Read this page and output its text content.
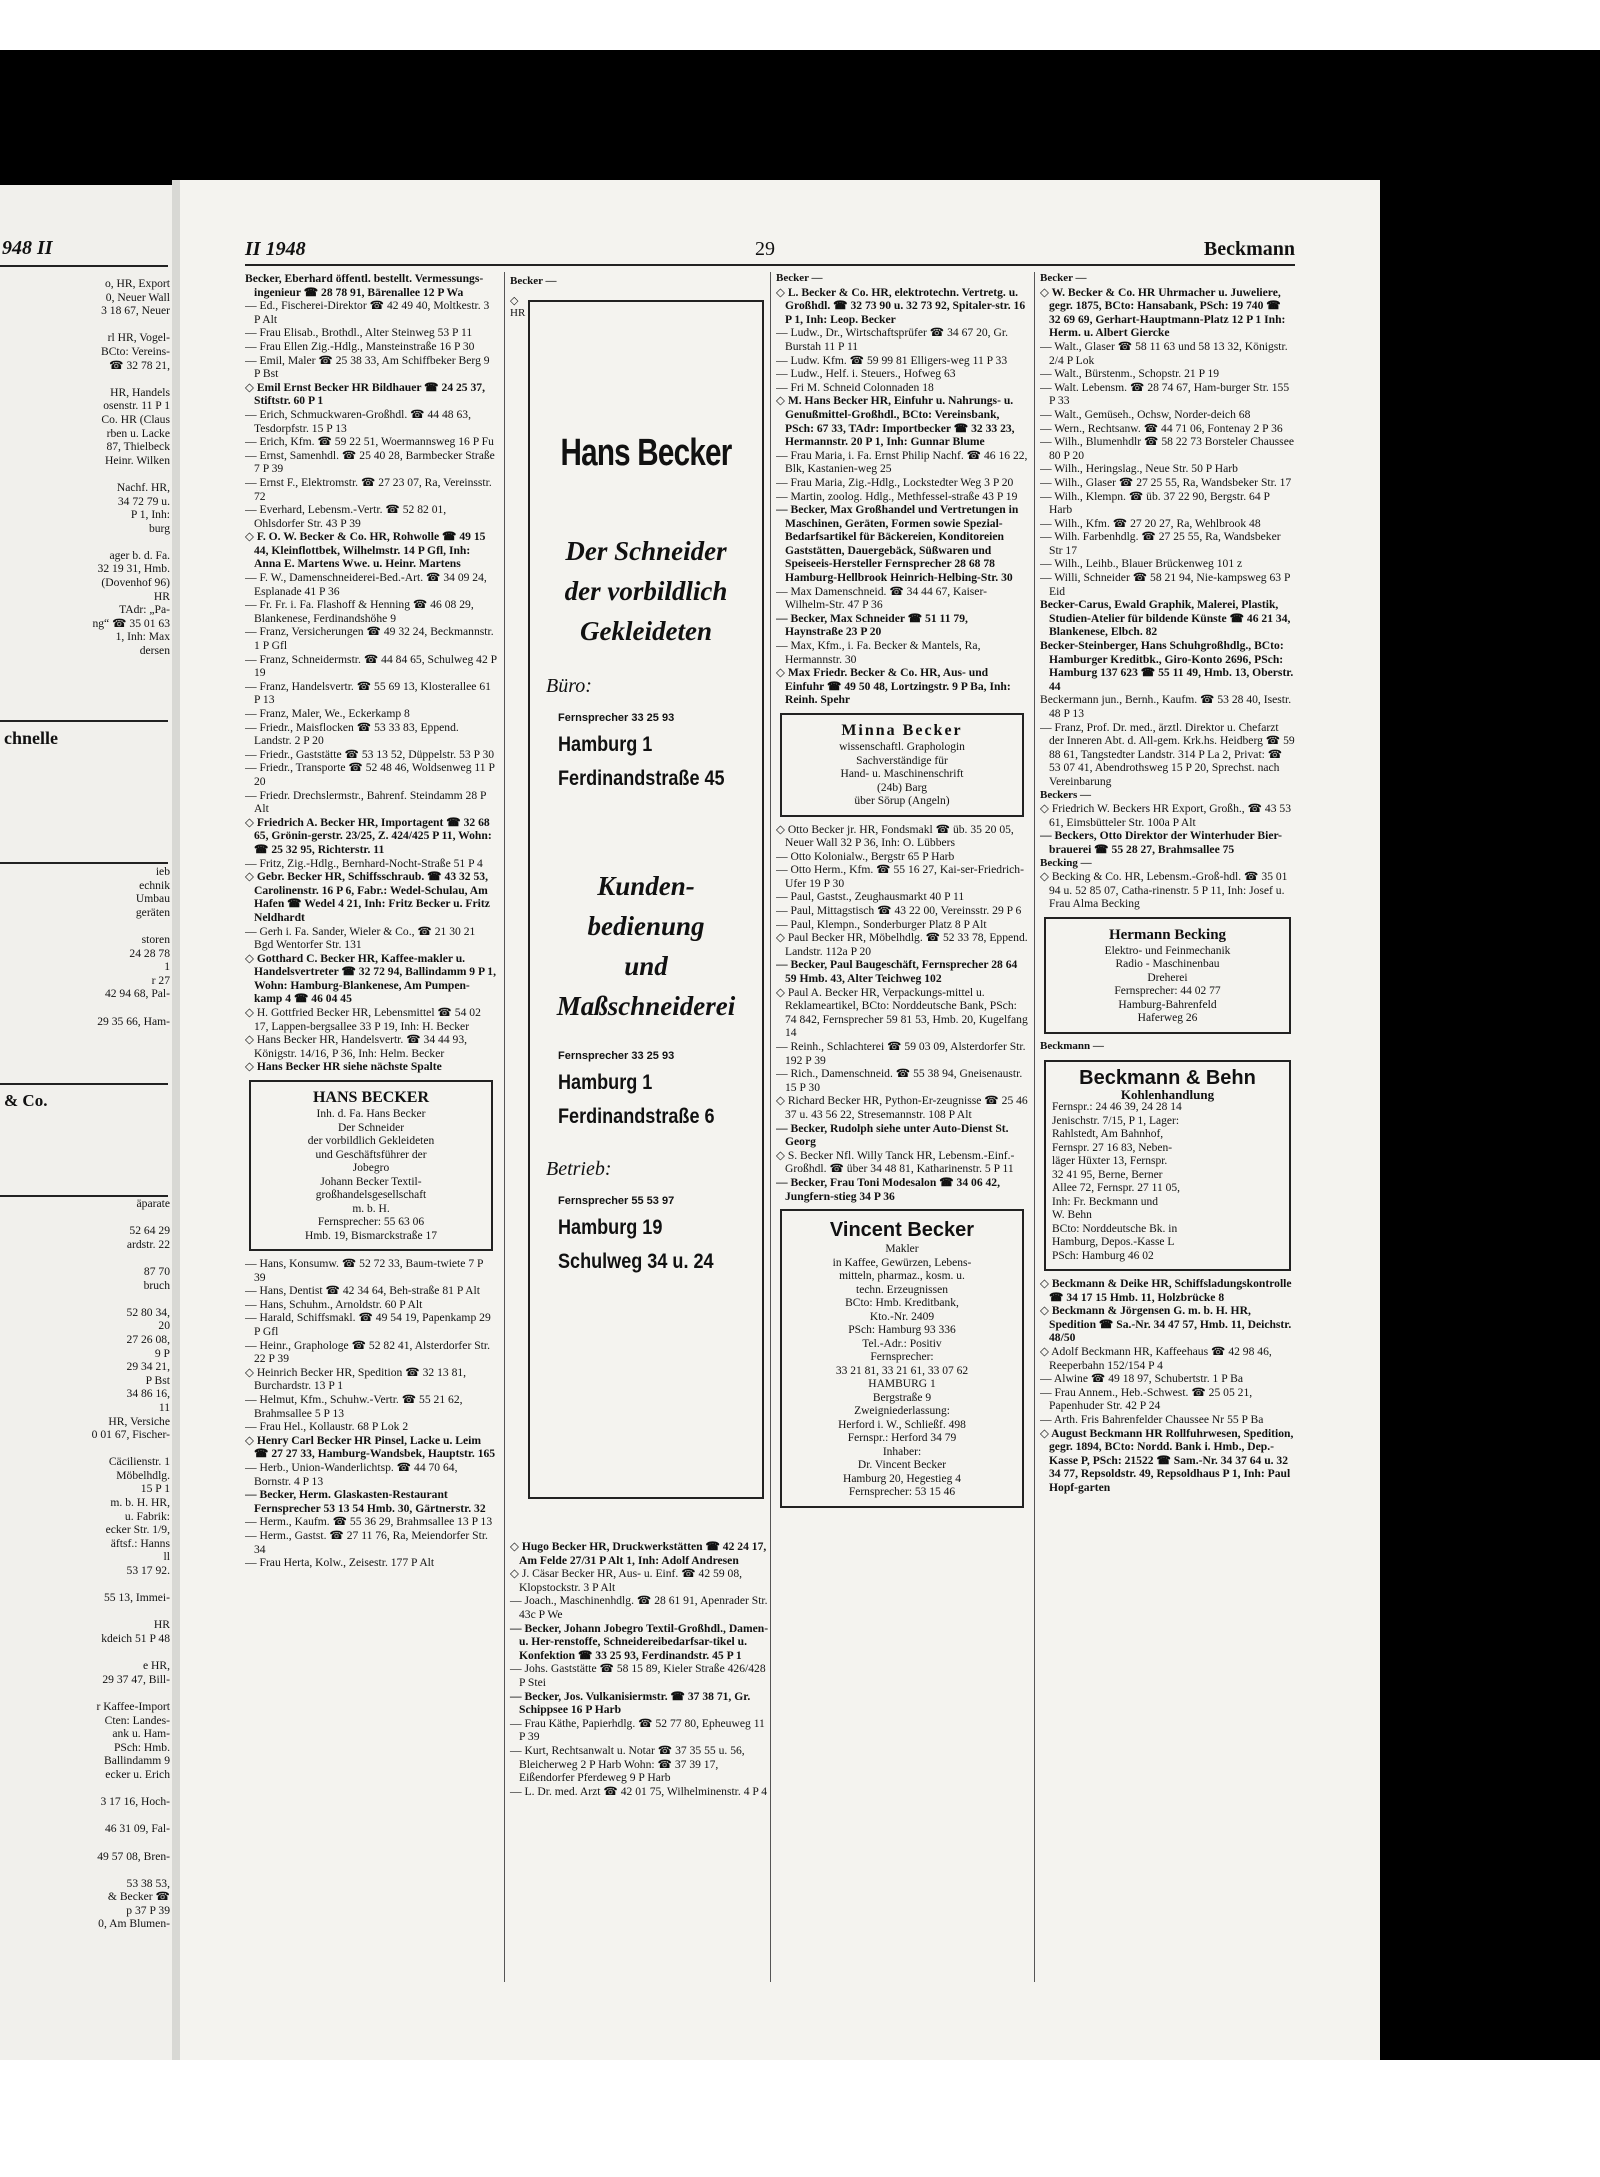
948 II
o, HR, Export
0, Neuer Wall
3 18 67, Neuer

rl HR, Vogel-
BCto: Vereins-
☎ 32 78 21,

HR, Handels
osenstr. 11 P 1
Co. HR (Claus
rben u. Lacke
87, Thielbeck
Heinr. Wilken

Nachf. HR,
34 72 79 u.
P 1, Inh:
burg

ager b. d. Fa.
32 19 31, Hmb.
(Dovenhof 96)
HR
TAdr: „Pa-
ng“ ☎ 35 01 63
1, Inh: Max
dersen
chnelle
ieb
echnik
Umbau
geräten

storen
24 28 78
1
r 27
42 94 68, Pal-

29 35 66, Ham-
& Co.
äparate

52 64 29
ardstr. 22

87 70
bruch

52 80 34,
20
27 26 08,
9 P
29 34 21,
P Bst
34 86 16,
11
HR, Versiche
0 01 67, Fischer-

Cäcilienstr. 1
Möbelhdlg.
15 P 1
m. b. H. HR,
u. Fabrik:
ecker Str. 1/9,
äftsf.: Hanns
ll
53 17 92.

55 13, Immei-

HR
kdeich 51 P 48

e HR,
29 37 47, Bill-

r Kaffee-Import
Cten: Landes-
ank u. Ham-
PSch: Hmb.
Ballindamm 9
ecker u. Erich

3 17 16, Hoch-

46 31 09, Fal-

49 57 08, Bren-

53 38 53,
& Becker ☎
p 37 P 39
0, Am Blumen-
II 1948	29	Beckmann

Becker, Eberhard öffentl. bestellt. Vermessungs-ingenieur ☎ 28 78 91, Bärenallee 12 P Wa

— Ed., Fischerei-Direktor ☎ 42 49 40, Moltkestr. 3 P Alt

— Frau Elisab., Brothdl., Alter Steinweg 53 P 11

— Frau Ellen Zig.-Hdlg., Mansteinstraße 16 P 30

— Emil, Maler ☎ 25 38 33, Am Schiffbeker Berg 9 P Bst

◇ Emil Ernst Becker HR Bildhauer ☎ 24 25 37, Stiftstr. 60 P 1

— Erich, Schmuckwaren-Großhdl. ☎ 44 48 63, Tesdorpfstr. 15 P 13

— Erich, Kfm. ☎ 59 22 51, Woermannsweg 16 P Fu

— Ernst, Samenhdl. ☎ 25 40 28, Barmbecker Straße 7 P 39

— Ernst F., Elektromstr. ☎ 27 23 07, Ra, Vereinsstr. 72

— Everhard, Lebensm.-Vertr. ☎ 52 82 01, Ohlsdorfer Str. 43 P 39

◇ F. O. W. Becker & Co. HR, Rohwolle ☎ 49 15 44, Kleinflottbek, Wilhelmstr. 14 P Gfl, Inh: Anna E. Martens Wwe. u. Heinr. Martens

— F. W., Damenschneiderei-Bed.-Art. ☎ 34 09 24, Esplanade 41 P 36

— Fr. Fr. i. Fa. Flashoff & Henning ☎ 46 08 29, Blankenese, Ferdinandshöhe 9

— Franz, Versicherungen ☎ 49 32 24, Beckmannstr. 1 P Gfl

— Franz, Schneidermstr. ☎ 44 84 65, Schulweg 42 P 19

— Franz, Handelsvertr. ☎ 55 69 13, Klosterallee 61 P 13

— Franz, Maler, We., Eckerkamp 8

— Friedr., Maisflocken ☎ 53 33 83, Eppend. Landstr. 2 P 20

— Friedr., Gaststätte ☎ 53 13 52, Düppelstr. 53 P 30

— Friedr., Transporte ☎ 52 48 46, Woldsenweg 11 P 20

— Friedr. Drechslermstr., Bahrenf. Steindamm 28 P Alt

◇ Friedrich A. Becker HR, Importagent ☎ 32 68 65, Grönin-gerstr. 23/25, Z. 424/425 P 11, Wohn: ☎ 25 32 95, Richterstr. 11

— Fritz, Zig.-Hdlg., Bernhard-Nocht-Straße 51 P 4

◇ Gebr. Becker HR, Schiffsschraub. ☎ 43 32 53, Carolinenstr. 16 P 6, Fabr.: Wedel-Schulau, Am Hafen ☎ Wedel 4 21, Inh: Fritz Becker u. Fritz Neldhardt

— Gerh i. Fa. Sander, Wieler & Co., ☎ 21 30 21 Bgd Wentorfer Str. 131

◇ Gotthard C. Becker HR, Kaffee-makler u. Handelsvertreter ☎ 32 72 94, Ballindamm 9 P 1, Wohn: Hamburg-Blankenese, Am Pumpen-kamp 4 ☎ 46 04 45

◇ H. Gottfried Becker HR, Lebensmittel ☎ 54 02 17, Lappen-bergsallee 33 P 19, Inh: H. Becker

◇ Hans Becker HR, Handelsvertr. ☎ 34 44 93, Königstr. 14/16, P 36, Inh: Helm. Becker

◇ Hans Becker HR siehe nächste Spalte

HANS BECKER
Inh. d. Fa. Hans Becker
Der Schneider
der vorbildlich Gekleideten
und Geschäftsführer der
Jobegro
Johann Becker Textil-
großhandelsgesellschaft
m. b. H.
Fernsprecher: 55 63 06
Hmb. 19, Bismarckstraße 17

— Hans, Konsumw. ☎ 52 72 33, Baum-twiete 7 P 39

— Hans, Dentist ☎ 42 34 64, Beh-straße 81 P Alt

— Hans, Schuhm., Arnoldstr. 60 P Alt

— Harald, Schiffsmakl. ☎ 49 54 19, Papenkamp 29 P Gfl

— Heinr., Graphologe ☎ 52 82 41, Alsterdorfer Str. 22 P 39

◇ Heinrich Becker HR, Spedition ☎ 32 13 81, Burchardstr. 13 P 1

— Helmut, Kfm., Schuhw.-Vertr. ☎ 55 21 62, Brahmsallee 5 P 13

— Frau Hel., Kollaustr. 68 P Lok 2

◇ Henry Carl Becker HR Pinsel, Lacke u. Leim ☎ 27 27 33, Hamburg-Wandsbek, Hauptstr. 165

— Herb., Union-Wanderlichtsp. ☎ 44 70 64, Bornstr. 4 P 13

— Becker, Herm. Glaskasten-Restaurant Fernsprecher 53 13 54 Hmb. 30, Gärtnerstr. 32

— Herm., Kaufm. ☎ 55 36 29, Brahmsallee 13 P 13

— Herm., Gastst. ☎ 27 11 76, Ra, Meiendorfer Str. 34

— Frau Herta, Kolw., Zeisestr. 177 P Alt

Becker —
◇
HR
Hans Becker
Der Schneider
der vorbildlich
Gekleideten
Büro:
Fernsprecher 33 25 93
Hamburg 1
Ferdinandstraße 45
Kunden-
bedienung
und
Maßschneiderei
Fernsprecher 33 25 93
Hamburg 1
Ferdinandstraße 6
Betrieb:
Fernsprecher 55 53 97
Hamburg 19
Schulweg 34 u. 24

◇ Hugo Becker HR, Druckwerkstätten ☎ 42 24 17, Am Felde 27/31 P Alt 1, Inh: Adolf Andresen

◇ J. Cäsar Becker HR, Aus- u. Einf. ☎ 42 59 08, Klopstockstr. 3 P Alt

— Joach., Maschinenhdlg. ☎ 28 61 91, Apenrader Str. 43c P We

— Becker, Johann Jobegro Textil-Großhdl., Damen- u. Her-renstoffe, Schneidereibedarfsar-tikel u. Konfektion ☎ 33 25 93, Ferdinandstr. 45 P 1

— Johs. Gaststätte ☎ 58 15 89, Kieler Straße 426/428 P Stei

— Becker, Jos. Vulkanisiermstr. ☎ 37 38 71, Gr. Schippsee 16 P Harb

— Frau Käthe, Papierhdlg. ☎ 52 77 80, Epheuweg 11 P 39

— Kurt, Rechtsanwalt u. Notar ☎ 37 35 55 u. 56, Bleicherweg 2 P Harb Wohn: ☎ 37 39 17, Eißendorfer Pferdeweg 9 P Harb

— L. Dr. med. Arzt ☎ 42 01 75, Wilhelminenstr. 4 P 4

Becker —

◇ L. Becker & Co. HR, elektrotechn. Vertretg. u. Großhdl. ☎ 32 73 90 u. 32 73 92, Spitaler-str. 16 P 1, Inh: Leop. Becker

— Ludw., Dr., Wirtschaftsprüfer ☎ 34 67 20, Gr. Burstah 11 P 11

— Ludw. Kfm. ☎ 59 99 81 Elligers-weg 11 P 33

— Ludw., Helf. i. Steuers., Hofweg 63

— Fri M. Schneid Colonnaden 18

◇ M. Hans Becker HR, Einfuhr u. Nahrungs- u. Genußmittel-Großhdl., BCto: Vereinsbank, PSch: 67 33, TAdr: Importbecker ☎ 32 33 23, Hermannstr. 20 P 1, Inh: Gunnar Blume

— Frau Maria, i. Fa. Ernst Philip Nachf. ☎ 46 16 22, Blk, Kastanien-weg 25

— Frau Maria, Zig.-Hdlg., Lockstedter Weg 3 P 20

— Martin, zoolog. Hdlg., Methfessel-straße 43 P 19

— Becker, Max Großhandel und Vertretungen in Maschinen, Geräten, Formen sowie Spezial-Bedarfsartikel für Bäckereien, Konditoreien Gaststätten, Dauergebäck, Süßwaren und Speiseeis-Hersteller Fernsprecher 28 68 78 Hamburg-Hellbrook Heinrich-Helbing-Str. 30

— Max Damenschneid. ☎ 34 44 67, Kaiser-Wilhelm-Str. 47 P 36

— Becker, Max Schneider ☎ 51 11 79, Haynstraße 23 P 20

— Max, Kfm., i. Fa. Becker & Mantels, Ra, Hermannstr. 30

◇ Max Friedr. Becker & Co. HR, Aus- und Einfuhr ☎ 49 50 48, Lortzingstr. 9 P Ba, Inh: Reinh. Spehr

Minna Becker
wissenschaftl. Graphologin
Sachverständige für
Hand- u. Maschinenschrift
(24b) Barg
über Sörup (Angeln)

◇ Otto Becker jr. HR, Fondsmakl ☎ üb. 35 20 05, Neuer Wall 32 P 36, Inh: O. Lübbers

— Otto Kolonialw., Bergstr 65 P Harb

— Otto Herm., Kfm. ☎ 55 16 27, Kai-ser-Friedrich-Ufer 19 P 30

— Paul, Gastst., Zeughausmarkt 40 P 11

— Paul, Mittagstisch ☎ 43 22 00, Vereinsstr. 29 P 6

— Paul, Klempn., Sonderburger Platz 8 P Alt

◇ Paul Becker HR, Möbelhdlg. ☎ 52 33 78, Eppend. Landstr. 112a P 20

— Becker, Paul Baugeschäft, Fernsprecher 28 64 59 Hmb. 43, Alter Teichweg 102

◇ Paul A. Becker HR, Verpackungs-mittel u. Reklameartikel, BCto: Norddeutsche Bank, PSch: 74 842, Fernsprecher 59 81 53, Hmb. 20, Kugelfang 14

— Reinh., Schlachterei ☎ 59 03 09, Alsterdorfer Str. 192 P 39

— Rich., Damenschneid. ☎ 55 38 94, Gneisenaustr. 15 P 30

◇ Richard Becker HR, Python-Er-zeugnisse ☎ 25 46 37 u. 43 56 22, Stresemannstr. 108 P Alt

— Becker, Rudolph siehe unter Auto-Dienst St. Georg

◇ S. Becker Nfl. Willy Tanck HR, Lebensm.-Einf.-Großhdl. ☎ über 34 48 81, Katharinenstr. 5 P 11

— Becker, Frau Toni Modesalon ☎ 34 06 42, Jungfern-stieg 34 P 36

Vincent Becker
Makler
in Kaffee, Gewürzen, Lebens-
mitteln, pharmaz., kosm. u.
techn. Erzeugnissen
BCto: Hmb. Kreditbank,
Kto.-Nr. 2409
PSch: Hamburg 93 336
Tel.-Adr.: Positiv
Fernsprecher:
33 21 81, 33 21 61, 33 07 62
HAMBURG 1
Bergstraße 9
Zweigniederlassung:
Herford i. W., Schließf. 498
Fernspr.: Herford 34 79
Inhaber:
Dr. Vincent Becker
Hamburg 20, Hegestieg 4
Fernsprecher: 53 15 46

Becker —

◇ W. Becker & Co. HR Uhrmacher u. Juweliere, gegr. 1875, BCto: Hansabank, PSch: 19 740 ☎ 32 69 69, Gerhart-Hauptmann-Platz 12 P 1 Inh: Herm. u. Albert Giercke

— Walt., Glaser ☎ 58 11 63 und 58 13 32, Königstr. 2/4 P Lok

— Walt., Bürstenm., Schopstr. 21 P 19

— Walt. Lebensm. ☎ 28 74 67, Ham-burger Str. 155 P 33

— Walt., Gemüseh., Ochsw, Norder-deich 68

— Wern., Rechtsanw. ☎ 44 71 06, Fontenay 2 P 36

— Wilh., Blumenhdlr ☎ 58 22 73 Borsteler Chaussee 80 P 20

— Wilh., Heringslag., Neue Str. 50 P Harb

— Wilh., Glaser ☎ 27 25 55, Ra, Wandsbeker Str. 17

— Wilh., Klempn. ☎ üb. 37 22 90, Bergstr. 64 P Harb

— Wilh., Kfm. ☎ 27 20 27, Ra, Wehlbrook 48

— Wilh. Farbenhdlg. ☎ 27 25 55, Ra, Wandsbeker Str 17

— Wilh., Leihb., Blauer Brückenweg 101 z

— Willi, Schneider ☎ 58 21 94, Nie-kampsweg 63 P Eid

Becker-Carus, Ewald Graphik, Malerei, Plastik, Studien-Atelier für bildende Künste ☎ 46 21 34, Blankenese, Elbch. 82

Becker-Steinberger, Hans Schuhgroßhdlg., BCto: Hamburger Kreditbk., Giro-Konto 2696, PSch: Hamburg 137 623 ☎ 55 11 49, Hmb. 13, Oberstr. 44

Beckermann jun., Bernh., Kaufm. ☎ 53 28 40, Isestr. 48 P 13

— Franz, Prof. Dr. med., ärztl. Direktor u. Chefarzt der Inneren Abt. d. All-gem. Krk.hs. Heidberg ☎ 59 88 61, Tangstedter Landstr. 314 P La 2, Privat: ☎ 53 07 41, Abendrothsweg 15 P 20, Sprechst. nach Vereinbarung

Beckers —

◇ Friedrich W. Beckers HR Export, Großh., ☎ 43 53 61, Eimsbütteler Str. 100a P Alt

— Beckers, Otto Direktor der Winterhuder Bier-brauerei ☎ 55 28 27, Brahmsallee 75

Becking —

◇ Becking & Co. HR, Lebensm.-Groß-hdl. ☎ 35 01 94 u. 52 85 07, Catha-rinenstr. 5 P 11, Inh: Josef u. Frau Alma Becking

Hermann Becking
Elektro- und Feinmechanik
Radio - Maschinenbau
Dreherei
Fernsprecher: 44 02 77
Hamburg-Bahrenfeld
Haferweg 26
Beckmann —
Beckmann & Behn
Kohlenhandlung
Fernspr.: 24 46 39, 24 28 14
Jenischstr. 7/15, P 1, Lager:
Rahlstedt, Am Bahnhof,
Fernspr. 27 16 83, Neben-
läger Hüxter 13, Fernspr.
32 41 95, Berne, Berner
Allee 72, Fernspr. 27 11 05,
Inh: Fr. Beckmann und
W. Behn
BCto: Norddeutsche Bk. in
Hamburg, Depos.-Kasse L
PSch: Hamburg 46 02

◇ Beckmann & Deike HR, Schiffsladungskontrolle ☎ 34 17 15 Hmb. 11, Holzbrücke 8

◇ Beckmann & Jörgensen G. m. b. H. HR, Spedition ☎ Sa.-Nr. 34 47 57, Hmb. 11, Deichstr. 48/50

◇ Adolf Beckmann HR, Kaffeehaus ☎ 42 98 46, Reeperbahn 152/154 P 4

— Alwine ☎ 49 18 97, Schubertstr. 1 P Ba

— Frau Annem., Heb.-Schwest. ☎ 25 05 21, Papenhuder Str. 42 P 24

— Arth. Fris Bahrenfelder Chaussee Nr 55 P Ba

◇ August Beckmann HR Rollfuhrwesen, Spedition, gegr. 1894, BCto: Nordd. Bank i. Hmb., Dep.-Kasse P, PSch: 21522 ☎ Sam.-Nr. 34 37 64 u. 32 34 77, Repsoldstr. 49, Repsoldhaus P 1, Inh: Paul Hopf-garten
